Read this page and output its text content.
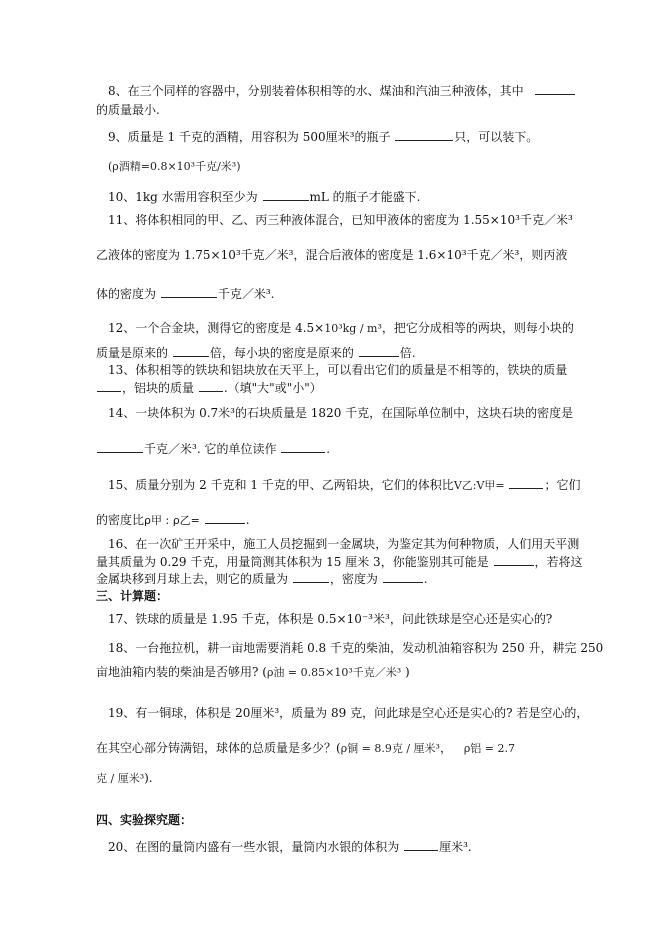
8、在三个同样的容器中，分别装着体积相等的水、煤油和汽油三种液体，其中
的质量最小.
9、质量是 1 千克的酒精，用容积为 500厘米³的瓶子	只，可以装下。
(ρ酒精=0.8×10³千克/米³)
10、1kg 水需用容积至少为	mL 的瓶子才能盛下.
11、将体积相同的甲、乙、丙三种液体混合，已知甲液体的密度为 1.55×10³千克／米³
乙液体的密度为 1.75×10³千克／米³，混合后液体的密度是 1.6×10³千克／米³，则丙液
体的密度为	千克／米³.
12、一个合金块，测得它的密度是 4.5×10³kg / m³，把它分成相等的两块，则每小块的
质量是原来的	倍，每小块的密度是原来的	倍.
13、体积相等的铁块和铝块放在天平上，可以看出它们的质量是不相等的，铁块的质量
，铝块的质量 .（填"大"或"小"）
14、一块体积为 0.7米³的石块质量是 1820 千克，在国际单位制中，这块石块的密度是
千克／米³. 它的单位读作	.
15、质量分别为 2 千克和 1 千克的甲、乙两铅块，它们的体积比V乙:V甲=	；它们
的密度比ρ甲 : ρ乙=	.
16、在一次矿王开采中，施工人员挖掘到一金属块，为鉴定其为何种物质，人们用天平测
量其质量为 0.29 千克，用量筒测其体积为 15 厘米 3，你能鉴别其可能是	，若将这
金属块移到月球上去，则它的质量为	，密度为	.
三、计算题：
17、铁球的质量是 1.95 千克，体积是 0.5×10⁻³米³，问此铁球是空心还是实心的?
18、一台拖拉机，耕一亩地需要消耗 0.8 千克的柴油，发动机油箱容积为 250 升，耕完 250
亩地油箱内装的柴油是否够用? (ρ油 = 0.85×10³千克／米³ )
19、有一铜球，体积是 20厘米³，质量为 89 克，问此球是空心还是实心的? 若是空心的，
在其空心部分铸满铝，球体的总质量是多少？(ρ铜 = 8.9克 / 厘米³， ρ铝 = 2.7
克 / 厘米³).
四、实验探究题：
20、在图的量筒内盛有一些水银，量筒内水银的体积为	厘米³.
